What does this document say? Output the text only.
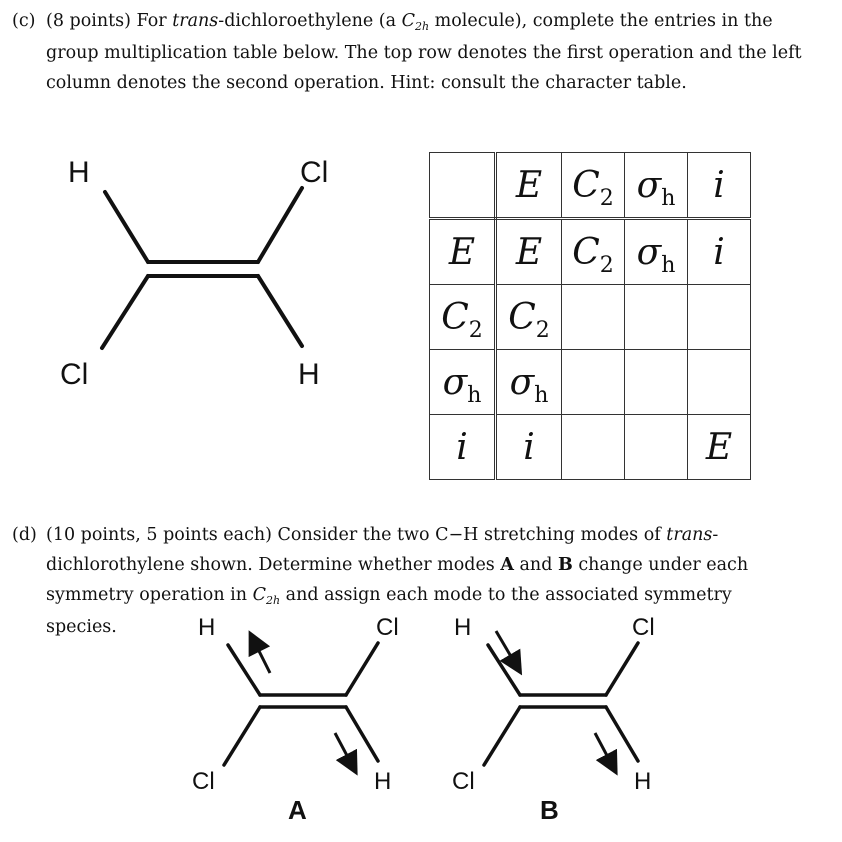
(c) (8 points) For trans-dichloroethylene (a $C_{2h}$ molecule), complete the entries in the group multiplication table below. The top row denotes the first operation and the left column denotes the second operation. Hint: consult the character table.
H	Cl
Cl	H
	E	$C_2$	$\sigma_h$	i
E	E	$C_2$	$\sigma_h$	i
$C_2$	$C_2$			
$\sigma_h$	$\sigma_h$			
i	i			E
(d) (10 points, 5 points each) Consider the two C−H stretching modes of trans-dichlorothylene shown. Determine whether modes A and B change under each symmetry operation in $C_{2h}$ and assign each mode to the associated symmetry species.	H	Cl
Cl	H
A
H	Cl
Cl	H
B
